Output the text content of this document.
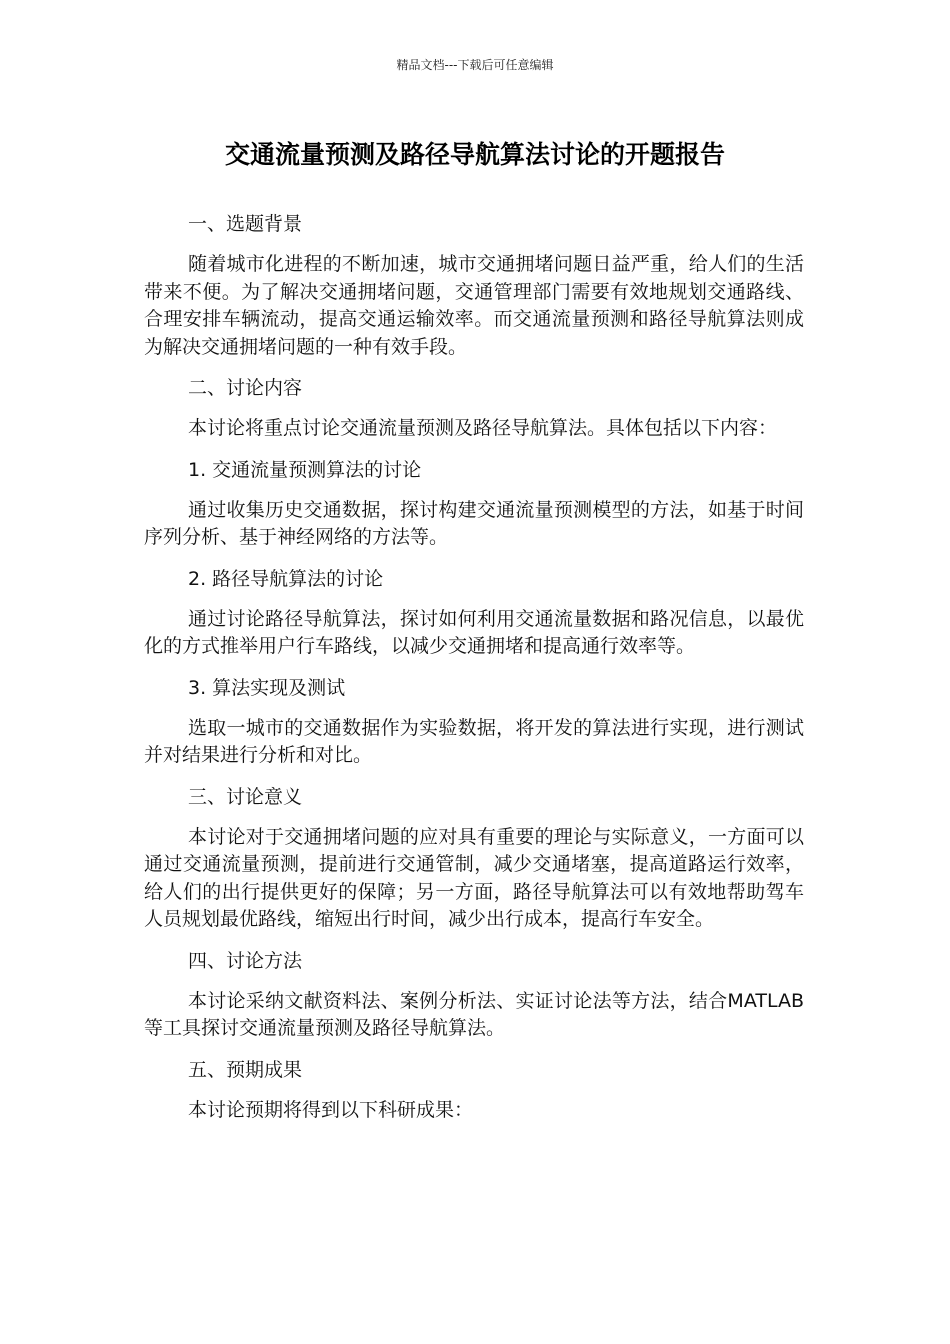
精品文档---下载后可任意编辑
交通流量预测及路径导航算法讨论的开题报告
一、选题背景
随着城市化进程的不断加速，城市交通拥堵问题日益严重，给人们的生活带来不便。为了解决交通拥堵问题，交通管理部门需要有效地规划交通路线、合理安排车辆流动，提高交通运输效率。而交通流量预测和路径导航算法则成为解决交通拥堵问题的一种有效手段。
二、讨论内容
本讨论将重点讨论交通流量预测及路径导航算法。具体包括以下内容：
1. 交通流量预测算法的讨论
通过收集历史交通数据，探讨构建交通流量预测模型的方法，如基于时间序列分析、基于神经网络的方法等。
2. 路径导航算法的讨论
通过讨论路径导航算法，探讨如何利用交通流量数据和路况信息，以最优化的方式推举用户行车路线，以减少交通拥堵和提高通行效率等。
3. 算法实现及测试
选取一城市的交通数据作为实验数据，将开发的算法进行实现，进行测试并对结果进行分析和对比。
三、讨论意义
本讨论对于交通拥堵问题的应对具有重要的理论与实际意义，一方面可以通过交通流量预测，提前进行交通管制，减少交通堵塞，提高道路运行效率，给人们的出行提供更好的保障；另一方面，路径导航算法可以有效地帮助驾车人员规划最优路线，缩短出行时间，减少出行成本，提高行车安全。
四、讨论方法
本讨论采纳文献资料法、案例分析法、实证讨论法等方法，结合MATLAB 等工具探讨交通流量预测及路径导航算法。
五、预期成果
本讨论预期将得到以下科研成果：
